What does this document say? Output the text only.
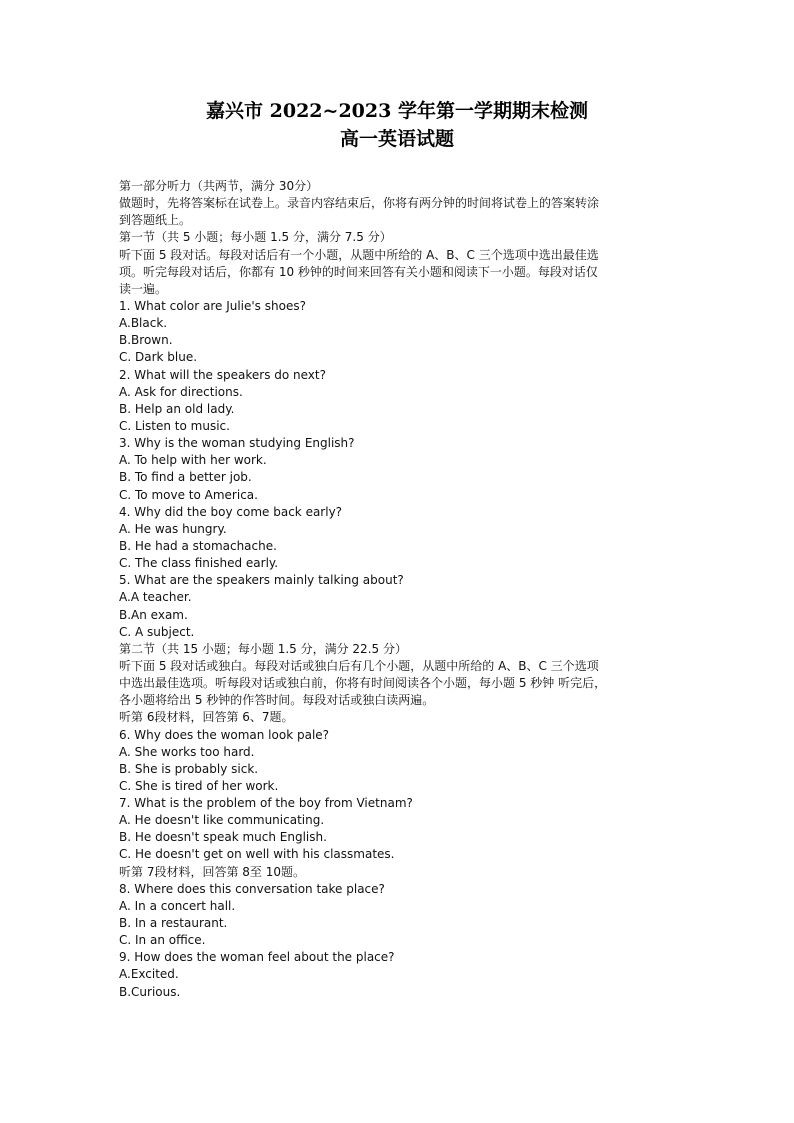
嘉兴市 2022~2023 学年第一学期期末检测
高一英语试题
第一部分听力（共两节，满分 30分）
做题时，先将答案标在试卷上。录音内容结束后，你将有两分钟的时间将试卷上的答案转涂
到答题纸上。
第一节（共 5 小题；每小题 1.5 分，满分 7.5 分）
听下面 5 段对话。每段对话后有一个小题，从题中所给的 A、B、C 三个选项中选出最佳选
项。听完每段对话后，你都有 10 秒钟的时间来回答有关小题和阅读下一小题。每段对话仅
读一遍。
1. What color are Julie's shoes?
A.Black.
B.Brown.
C. Dark blue.
2. What will the speakers do next?
A. Ask for directions.
B. Help an old lady.
C. Listen to music.
3. Why is the woman studying English?
A. To help with her work.
B. To find a better job.
C. To move to America.
4. Why did the boy come back early?
A. He was hungry.
B. He had a stomachache.
C. The class finished early.
5. What are the speakers mainly talking about?
A.A teacher.
B.An exam.
C. A subject.
第二节（共 15 小题；每小题 1.5 分，满分 22.5 分）
听下面 5 段对话或独白。每段对话或独白后有几个小题，从题中所给的 A、B、C 三个选项
中选出最佳选项。听每段对话或独白前，你将有时间阅读各个小题，每小题 5 秒钟 听完后，
各小题将给出 5 秒钟的作答时间。每段对话或独白读两遍。
听第 6段材料，回答第 6、7题。
6. Why does the woman look pale?
A. She works too hard.
B. She is probably sick.
C. She is tired of her work.
7. What is the problem of the boy from Vietnam?
A. He doesn't like communicating.
B. He doesn't speak much English.
C. He doesn't get on well with his classmates.
听第 7段材料，回答第 8至 10题。
8. Where does this conversation take place?
A. In a concert hall.
B. In a restaurant.
C. In an office.
9. How does the woman feel about the place?
A.Excited.
B.Curious.
